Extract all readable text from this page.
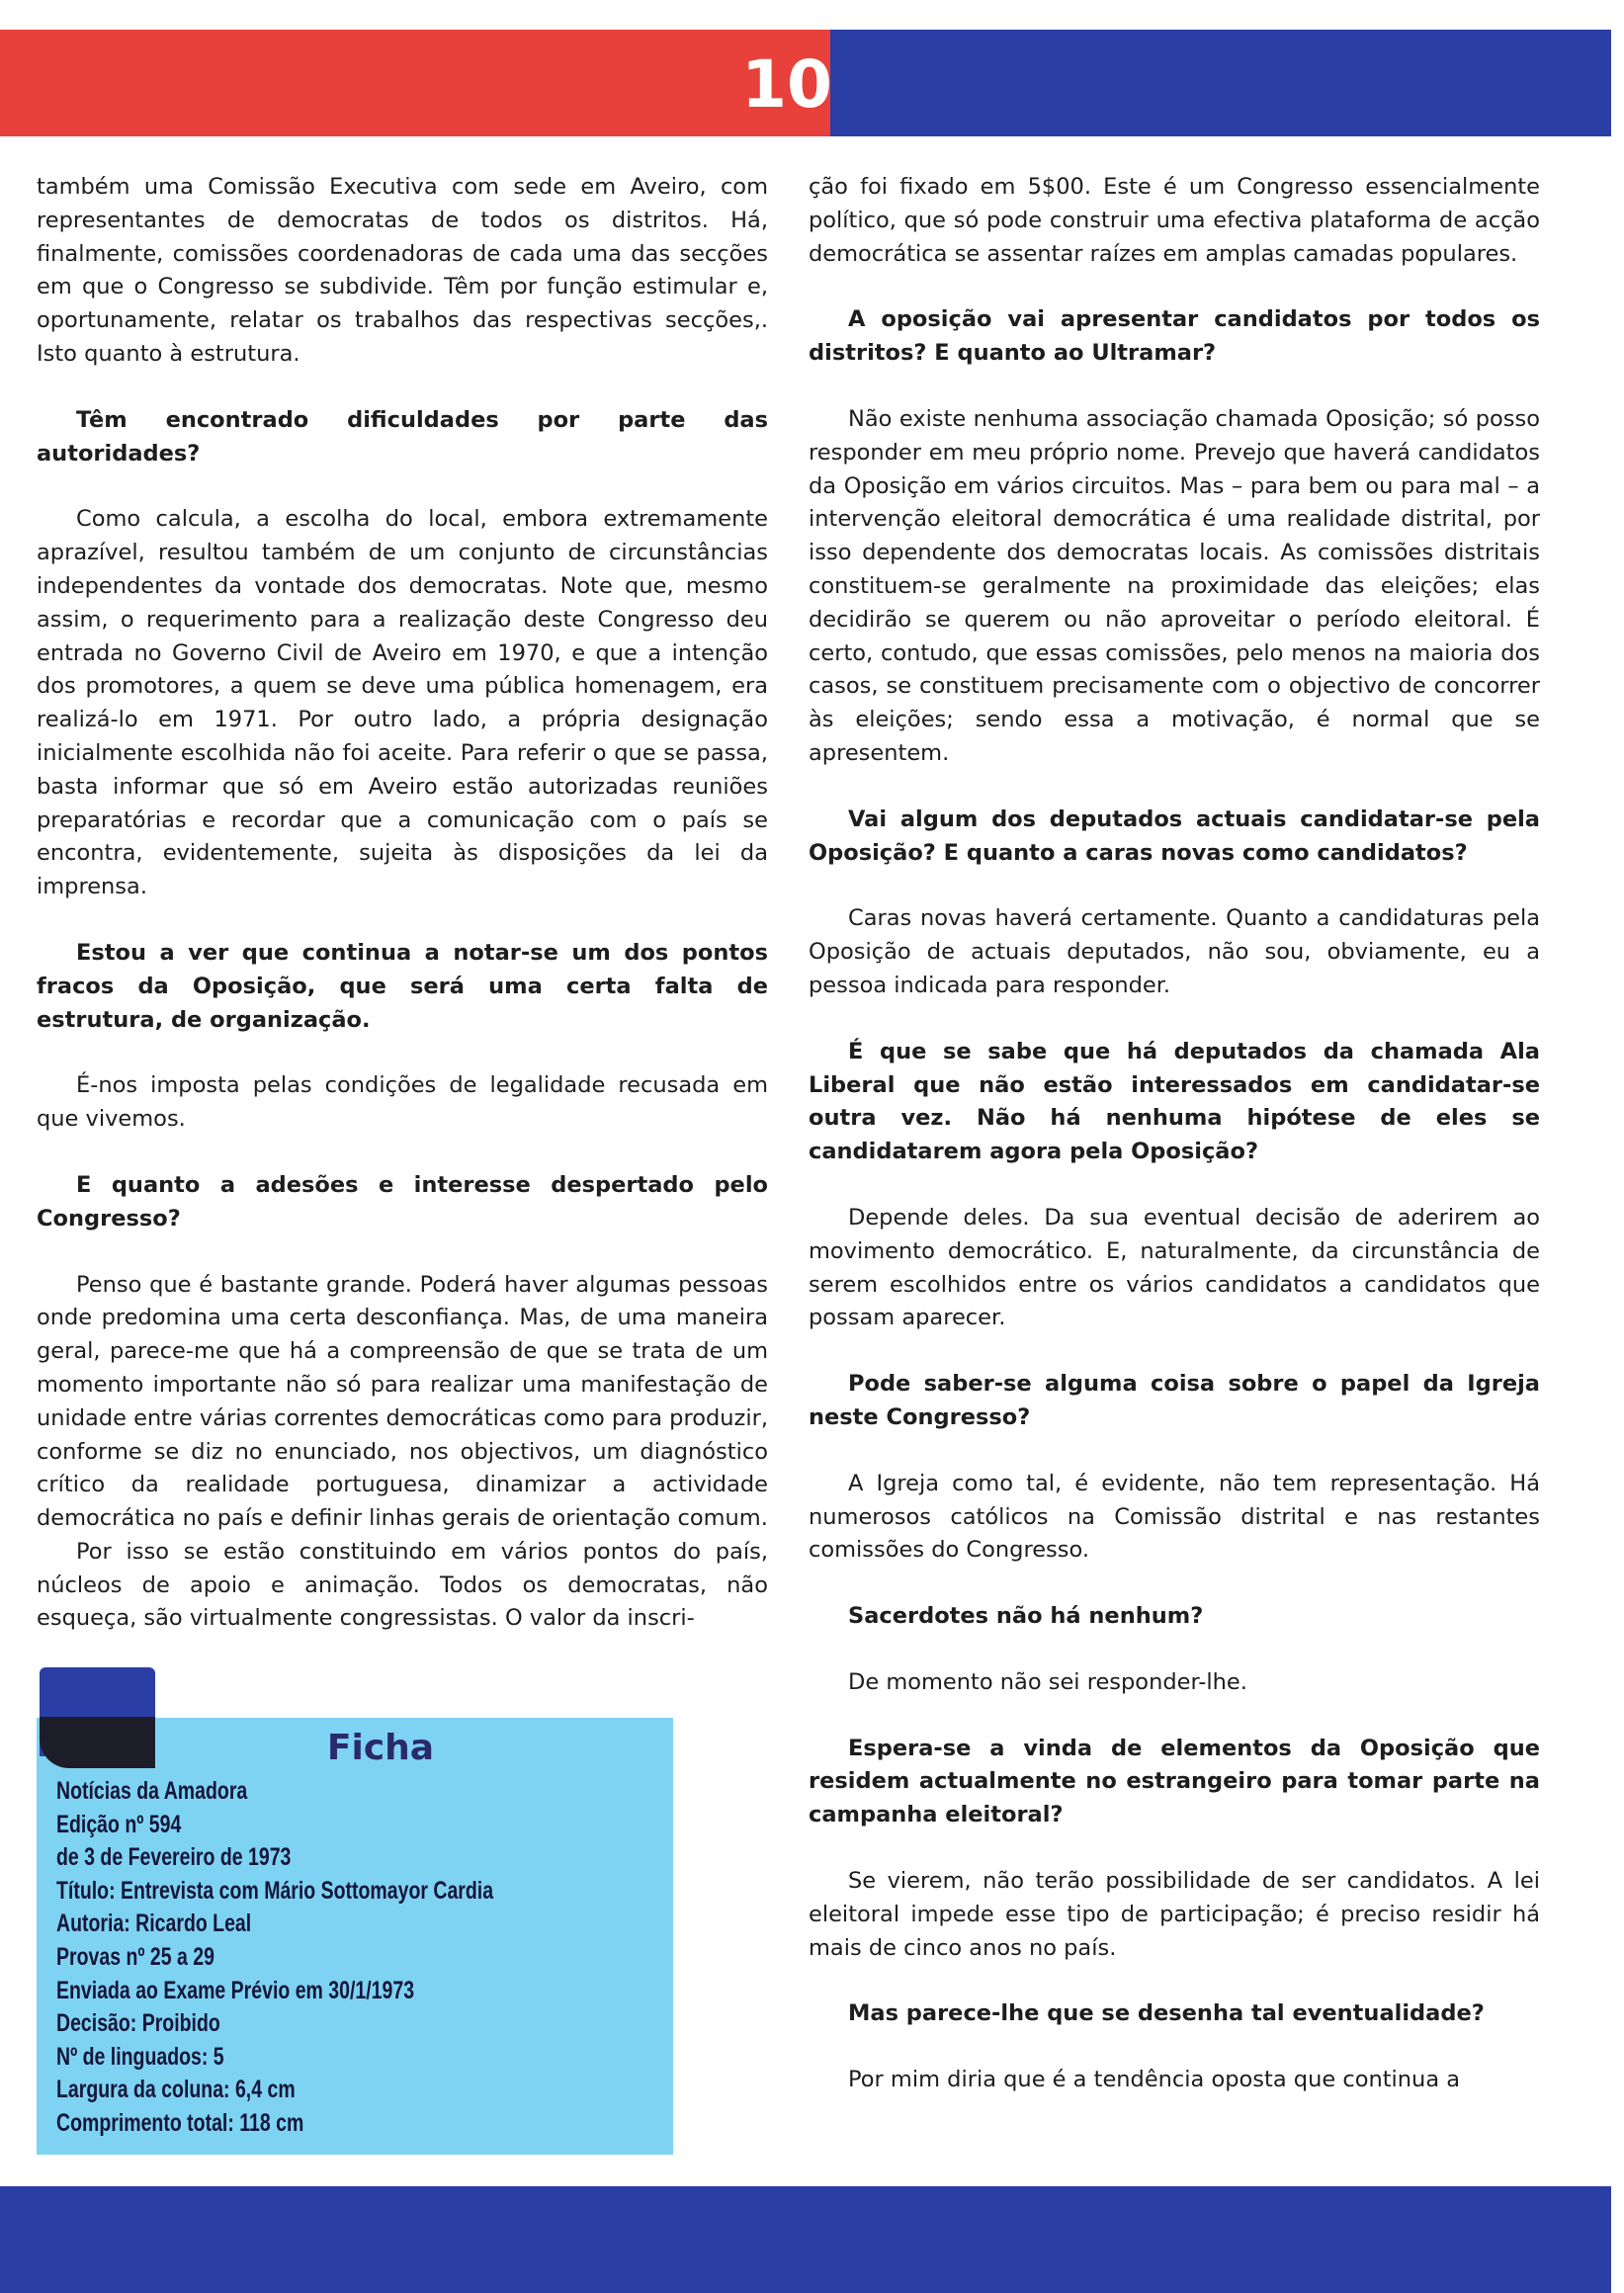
10

também uma Comissão Executiva com sede em Aveiro, com representantes de democratas de todos os distritos. Há, finalmente, comissões coordenadoras de cada uma das secções em que o Congresso se subdivide. Têm por função estimular e, oportunamente, relatar os trabalhos das respectivas secções,. Isto quanto à estrutura.

Têm encontrado dificuldades por parte das autoridades?

Como calcula, a escolha do local, embora extremamente aprazível, resultou também de um conjunto de circunstâncias independentes da vontade dos democratas. Note que, mesmo assim, o requerimento para a realização deste Congresso deu entrada no Governo Civil de Aveiro em 1970, e que a intenção dos promotores, a quem se deve uma pública homenagem, era realizá-lo em 1971. Por outro lado, a própria designação inicialmente escolhida não foi aceite. Para referir o que se passa, basta informar que só em Aveiro estão autorizadas reuniões preparatórias e recordar que a comunicação com o país se encontra, evidentemente, sujeita às disposições da lei da imprensa.

Estou a ver que continua a notar-se um dos pontos fracos da Oposição, que será uma certa falta de estrutura, de organização.

É-nos imposta pelas condições de legalidade recusada em que vivemos.

E quanto a adesões e interesse despertado pelo Congresso?

Penso que é bastante grande. Poderá haver algumas pessoas onde predomina uma certa desconfiança. Mas, de uma maneira geral, parece-me que há a compreensão de que se trata de um momento importante não só para realizar uma manifestação de unidade entre várias correntes democráticas como para produzir, conforme se diz no enunciado, nos objectivos, um diagnóstico crítico da realidade portuguesa, dinamizar a actividade democrática no país e definir linhas gerais de orientação comum.

Por isso se estão constituindo em vários pontos do país, núcleos de apoio e animação. Todos os democratas, não esqueça, são virtualmente congressistas. O valor da inscri-

ção foi fixado em 5$00. Este é um Congresso essencialmente político, que só pode construir uma efectiva plataforma de acção democrática se assentar raízes em amplas camadas populares.

A oposição vai apresentar candidatos por todos os distritos? E quanto ao Ultramar?

Não existe nenhuma associação chamada Oposição; só posso responder em meu próprio nome. Prevejo que haverá candidatos da Oposição em vários circuitos. Mas – para bem ou para mal – a intervenção eleitoral democrática é uma realidade distrital, por isso dependente dos democratas locais. As comissões distritais constituem-se geralmente na proximidade das eleições; elas decidirão se querem ou não aproveitar o período eleitoral. É certo, contudo, que essas comissões, pelo menos na maioria dos casos, se constituem precisamente com o objectivo de concorrer às eleições; sendo essa a motivação, é normal que se apresentem.

Vai algum dos deputados actuais candidatar-se pela Oposição? E quanto a caras novas como candidatos?

Caras novas haverá certamente. Quanto a candidaturas pela Oposição de actuais deputados, não sou, obviamente, eu a pessoa indicada para responder.

É que se sabe que há deputados da chamada Ala Liberal que não estão interessados em candidatar-se outra vez. Não há nenhuma hipótese de eles se candidatarem agora pela Oposição?

Depende deles. Da sua eventual decisão de aderirem ao movimento democrático. E, naturalmente, da circunstância de serem escolhidos entre os vários candidatos a candidatos que possam aparecer.

Pode saber-se alguma coisa sobre o papel da Igreja neste Congresso?

A Igreja como tal, é evidente, não tem representação. Há numerosos católicos na Comissão distrital e nas restantes comissões do Congresso.

Sacerdotes não há nenhum?

De momento não sei responder-lhe.

Espera-se a vinda de elementos da Oposição que residem actualmente no estrangeiro para tomar parte na campanha eleitoral?

Se vierem, não terão possibilidade de ser candidatos. A lei eleitoral impede esse tipo de participação; é preciso residir há mais de cinco anos no país.

Mas parece-lhe que se desenha tal eventualidade?

Por mim diria que é a tendência oposta que continua a

Ficha
Notícias da Amadora
Edição nº 594
de 3 de Fevereiro de 1973
Título: Entrevista com Mário Sottomayor Cardia
Autoria: Ricardo Leal
Provas nº 25 a 29
Enviada ao Exame Prévio em 30/1/1973
Decisão: Proibido
Nº de linguados: 5
Largura da coluna: 6,4 cm
Comprimento total: 118 cm
